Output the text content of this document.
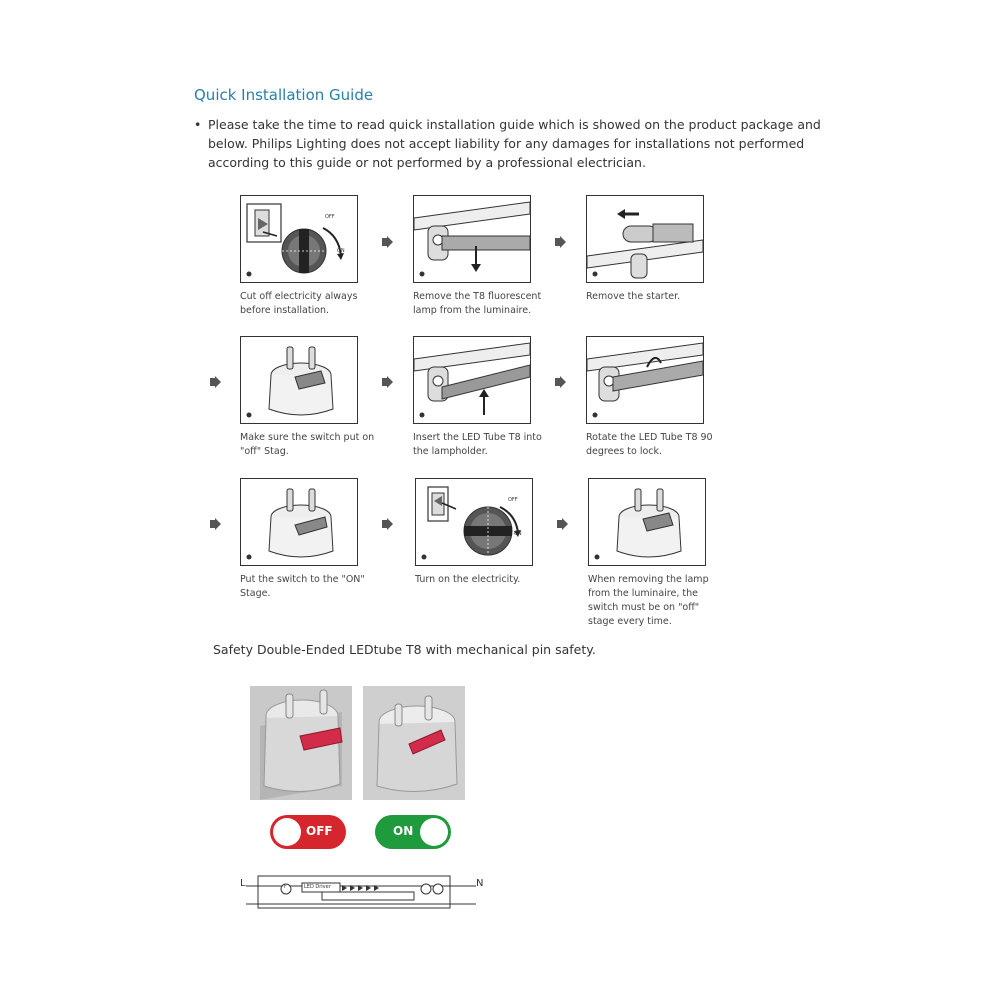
Quick Installation Guide
• Please take the time to read quick installation guide which is showed on the product package and below. Philips Lighting does not accept liability for any damages for installations not performed according to this guide or not performed by a professional electrician.
OFF
ON
Cut off electricity always before installation.
Remove the T8 fluorescent lamp from the luminaire.
Remove the starter.
Make sure the switch put on "off" Stag.
Insert the LED Tube T8 into the lampholder.
Rotate the LED Tube T8 90 degrees to lock.
Put the switch to the "ON" Stage.
OFF
ON
Turn on the electricity.	When removing the lamp from the luminaire, the switch must be on "off" stage every time.
Safety Double-Ended LEDtube T8 with mechanical pin safety.
OFF	ON
L	N
F	LED Driver
